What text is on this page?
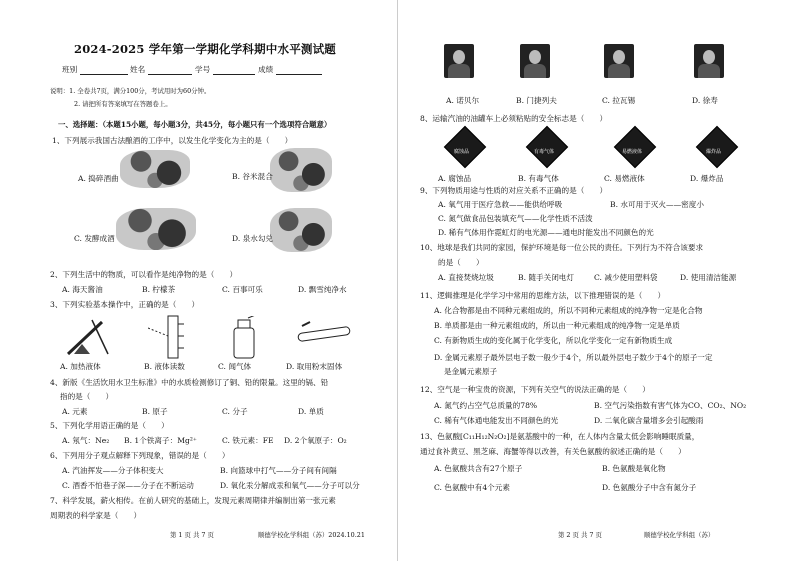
2024-2025 学年第一学期化学科期中水平测试题
班别	姓名	学号	成绩
说明：1. 全卷共7页，满分100分，考试用时为60分钟。
2. 请把所有答案填写在答题卷上。
一、选择题：（本题15小题，每小题3分，共45分，每小题只有一个选项符合题意）
1、下列展示我国古法酿酒的工序中，以发生化学变化为主的是（　　）
A. 捣碎酒曲	B. 谷米混合
C. 发酵成酒	D. 泉水勾兑
2、下列生活中的物质，可以看作是纯净物的是（　　）
A. 海天酱油	B. 柠檬茶	C. 百事可乐	D. 飘雪纯净水
3、下列实验基本操作中，正确的是（　　）
A. 加热液体	B. 液体读数	C. 闻气体	D. 取用粉末固体
4、新版《生活饮用水卫生标准》中的水质检测修订了铜、铅的限量。这里的镉、铅
指的是（　　）
A. 元素	B. 原子	C. 分子	D. 单质
5、下列化学用语正确的是（　　）
A. 氖气：Ne₂ B. 1个铁离子：Mg²⁺	C. 铁元素：FE D. 2个氧原子：O₂
6、下列用分子观点解释下列现象，错误的是（　　）
A. 汽油挥发——分子体积变大	B. 向篮球中打气——分子间有间隔
C. 酒香不怕巷子深——分子在不断运动	D. 氧化汞分解成汞和氧气——分子可以分
7、科学发展，薪火相传。在前人研究的基础上，发现元素周期律并编制出第一张元素
周期表的科学家是（　　）
第 1 页 共 7 页	顺德学校化学科组（苏）2024.10.21
A. 诺贝尔	B. 门捷列夫	C. 拉瓦锡	D. 徐寿
8、运输汽油的油罐车上必须粘贴的安全标志是（　　）
腐蚀品	有毒气体	易燃液体	爆炸品
A. 腐蚀品	B. 有毒气体	C. 易燃液体	D. 爆炸品
9、下列物质用途与性质的对应关系不正确的是（　　）
A. 氧气用于医疗急救——能供给呼吸	B. 水可用于灭火——密度小
C. 氮气做食品包装填充气——化学性质不活泼
D. 稀有气体用作霓虹灯的电光源——通电时能发出不同颜色的光
10、地球是我们共同的家园，保护环境是每一位公民的责任。下列行为不符合该要求
的是（　　）
A. 直接焚烧垃圾	B. 随手关闭电灯	C. 减少使用塑料袋	D. 使用清洁能源
11、逻辑推理是化学学习中常用的思维方法，以下推理错误的是（　　）
A. 化合物都是由不同种元素组成的，所以不同种元素组成的纯净物一定是化合物
B. 单质都是由一种元素组成的，所以由一种元素组成的纯净物一定是单质
C. 有新物质生成的变化属于化学变化，所以化学变化一定有新物质生成
D. 金属元素原子最外层电子数一般少于4个，所以最外层电子数少于4个的原子一定
是金属元素原子
12、空气是一种宝贵的资源，下列有关空气的说法正确的是（　　）
A. 氮气约占空气总质量的78%	B. 空气污染指数有害气体为CO、CO₂、NO₂
C. 稀有气体通电能发出不同颜色的光	D. 二氧化碳含量增多会引起酸雨
13、色氨酸[C₁₁H₁₂N₂O₂]是氨基酸中的一种，在人体内含量太低会影响睡眠质量，
通过食补黄豆、黑芝麻、海蟹等得以改善，有关色氨酸的叙述正确的是（　　）
A. 色氨酸共含有27个原子	B. 色氨酸是氧化物
C. 色氨酸中有4个元素	D. 色氨酸分子中含有氮分子
第 2 页 共 7 页	顺德学校化学科组（苏）
